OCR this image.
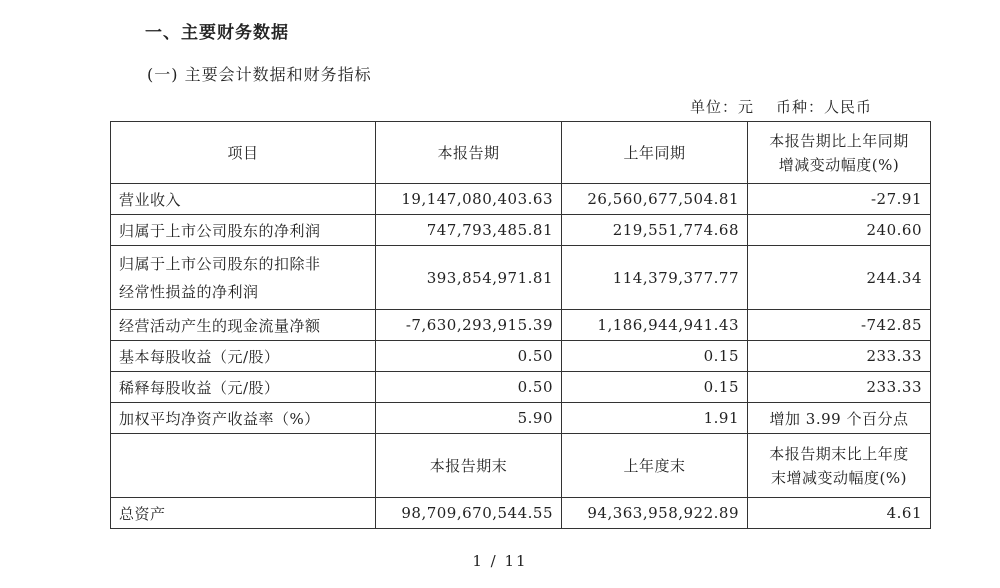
一、主要财务数据
(一) 主要会计数据和财务指标
单位：元 币种：人民币
项目	本报告期	上年同期	本报告期比上年同期
增减变动幅度(%)

营业收入	19,147,080,403.63	26,560,677,504.81	-27.91
归属于上市公司股东的净利润	747,793,485.81	219,551,774.68	240.60

归属于上市公司股东的扣除非
经常性损益的净利润	393,854,971.81	114,379,377.77	244.34
经营活动产生的现金流量净额	-7,630,293,915.39	1,186,944,941.43	-742.85
基本每股收益（元/股）	0.50	0.15	233.33
稀释每股收益（元/股）	0.50	0.15	233.33
加权平均净资产收益率（%）	5.90	1.91	增加 3.99 个百分点
	本报告期末	上年度末	本报告期末比上年度
末增减变动幅度(%)

总资产	98,709,670,544.55	94,363,958,922.89	4.61
1 / 11
